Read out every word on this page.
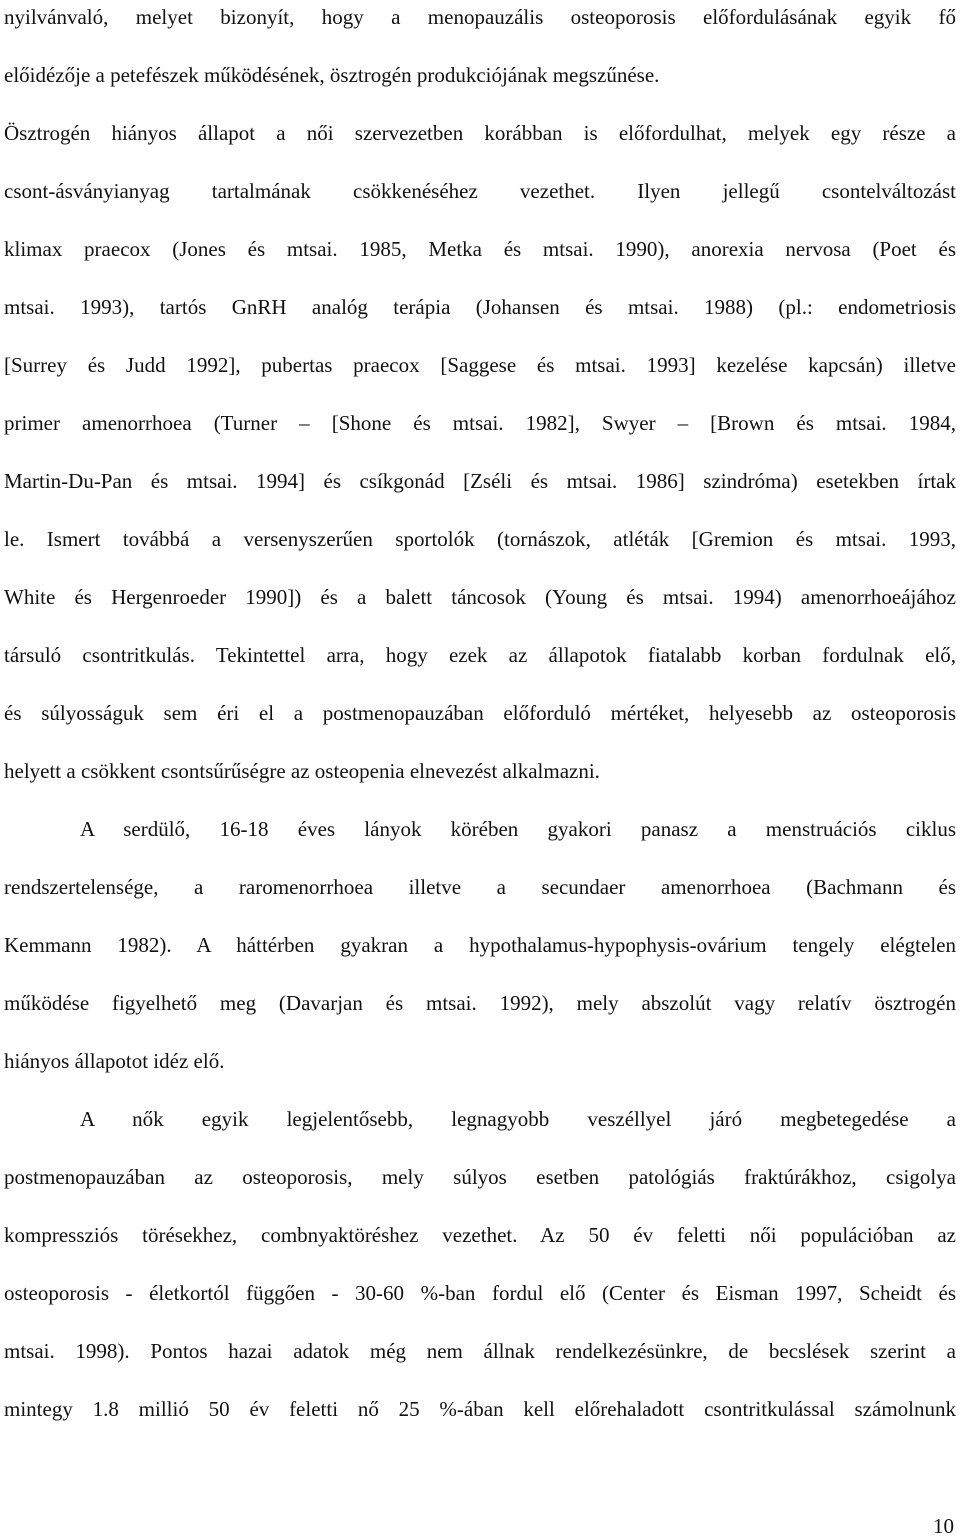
nyilvánvaló, melyet bizonyít, hogy a menopauzális osteoporosis előfordulásának egyik fő
előidézője a petefészek működésének, ösztrogén produkciójának megszűnése.
Ösztrogén hiányos állapot a női szervezetben korábban is előfordulhat, melyek egy része a
csont-ásványianyag tartalmának csökkenéséhez vezethet. Ilyen jellegű csontelváltozást
klimax praecox (Jones és mtsai. 1985, Metka és mtsai. 1990), anorexia nervosa (Poet és
mtsai. 1993), tartós GnRH analóg terápia (Johansen és mtsai. 1988) (pl.: endometriosis
[Surrey és Judd 1992], pubertas praecox [Saggese és mtsai. 1993] kezelése kapcsán) illetve
primer amenorrhoea (Turner – [Shone és mtsai. 1982], Swyer – [Brown és mtsai. 1984,
Martin-Du-Pan és mtsai. 1994] és csíkgonád [Zséli és mtsai. 1986] szindróma) esetekben írtak
le. Ismert továbbá a versenyszerűen sportolók (tornászok, atléták [Gremion és mtsai. 1993,
White és Hergenroeder 1990]) és a balett táncosok (Young és mtsai. 1994) amenorrhoeájához
társuló csontritkulás. Tekintettel arra, hogy ezek az állapotok fiatalabb korban fordulnak elő,
és súlyosságuk sem éri el a postmenopauzában előforduló mértéket, helyesebb az osteoporosis
helyett a csökkent csontsűrűségre az osteopenia elnevezést alkalmazni.
A serdülő, 16-18 éves lányok körében gyakori panasz a menstruációs ciklus
rendszertelensége, a raromenorrhoea illetve a secundaer amenorrhoea (Bachmann és
Kemmann 1982). A háttérben gyakran a hypothalamus-hypophysis-ovárium tengely elégtelen
működése figyelhető meg (Davarjan és mtsai. 1992), mely abszolút vagy relatív ösztrogén
hiányos állapotot idéz elő.
A nők egyik legjelentősebb, legnagyobb veszéllyel járó megbetegedése a
postmenopauzában az osteoporosis, mely súlyos esetben patológiás fraktúrákhoz, csigolya
kompressziós törésekhez, combnyaktöréshez vezethet. Az 50 év feletti női populációban az
osteoporosis - életkortól függően - 30-60 %-ban fordul elő (Center és Eisman 1997, Scheidt és
mtsai. 1998). Pontos hazai adatok még nem állnak rendelkezésünkre, de becslések szerint a
mintegy 1.8 millió 50 év feletti nő 25 %-ában kell előrehaladott csontritkulással számolnunk
10
